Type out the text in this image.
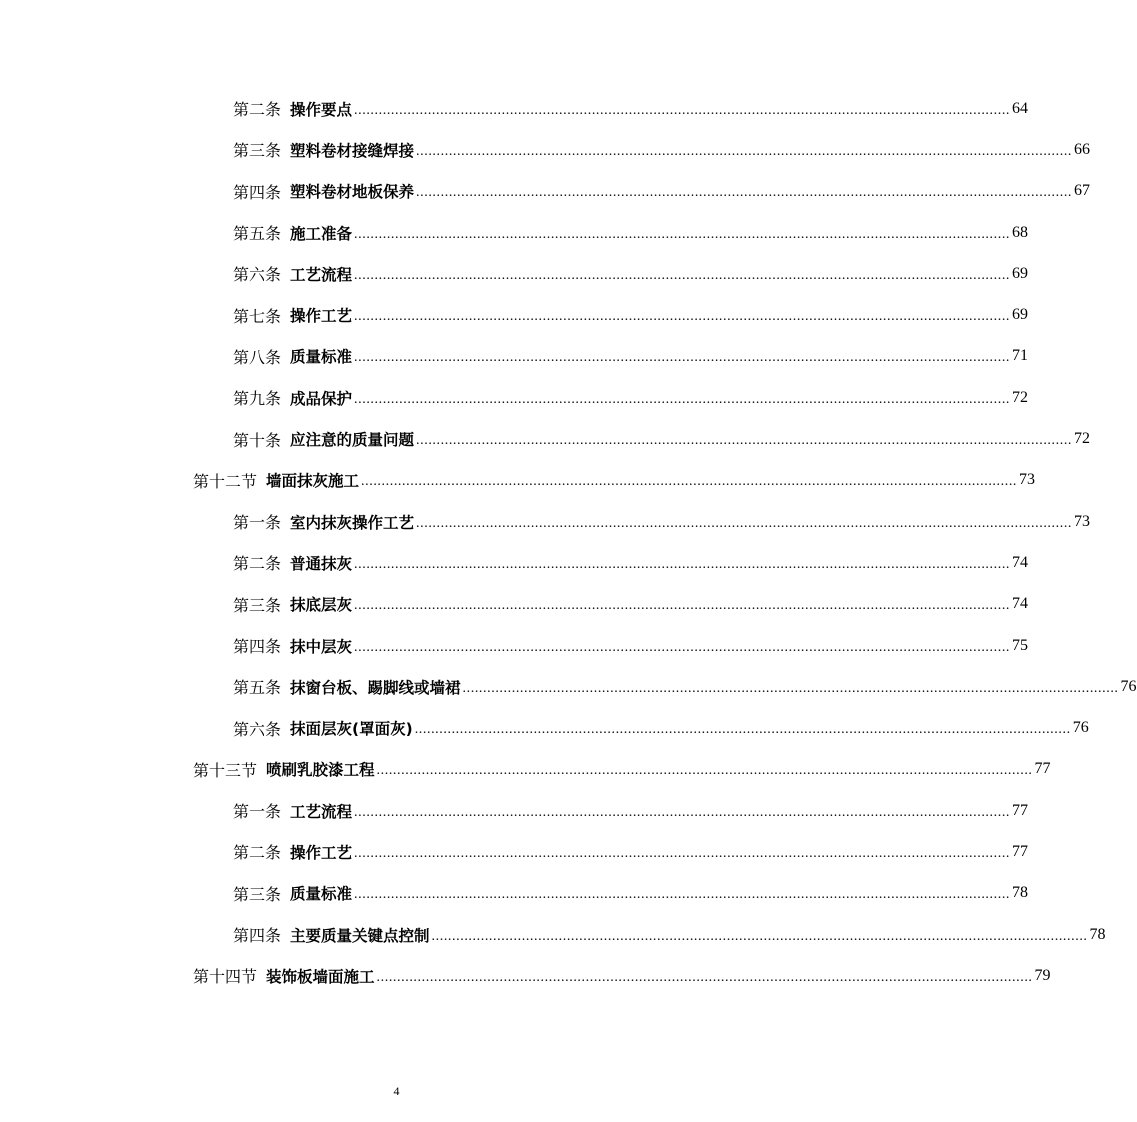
第二条 操作要点 ................................................................................................................................................................ 64
第三条 塑料卷材接缝焊接 ................................................................................................................................................................ 66
第四条 塑料卷材地板保养 ................................................................................................................................................................ 67
第五条 施工准备 ................................................................................................................................................................ 68
第六条 工艺流程 ................................................................................................................................................................ 69
第七条 操作工艺 ................................................................................................................................................................ 69
第八条 质量标准 ................................................................................................................................................................ 71
第九条 成品保护 ................................................................................................................................................................ 72
第十条 应注意的质量问题 ................................................................................................................................................................ 72
第十二节 墙面抹灰施工 ................................................................................................................................................................ 73
第一条 室内抹灰操作工艺 ................................................................................................................................................................ 73
第二条 普通抹灰 ................................................................................................................................................................ 74
第三条 抹底层灰 ................................................................................................................................................................ 74
第四条 抹中层灰 ................................................................................................................................................................ 75
第五条 抹窗台板、踢脚线或墙裙 ................................................................................................................................................................ 76
第六条 抹面层灰(罩面灰) ................................................................................................................................................................ 76
第十三节 喷刷乳胶漆工程 ................................................................................................................................................................ 77
第一条 工艺流程 ................................................................................................................................................................ 77
第二条 操作工艺 ................................................................................................................................................................ 77
第三条 质量标准 ................................................................................................................................................................ 78
第四条 主要质量关键点控制 ................................................................................................................................................................ 78
第十四节 装饰板墙面施工 ................................................................................................................................................................ 79
4
